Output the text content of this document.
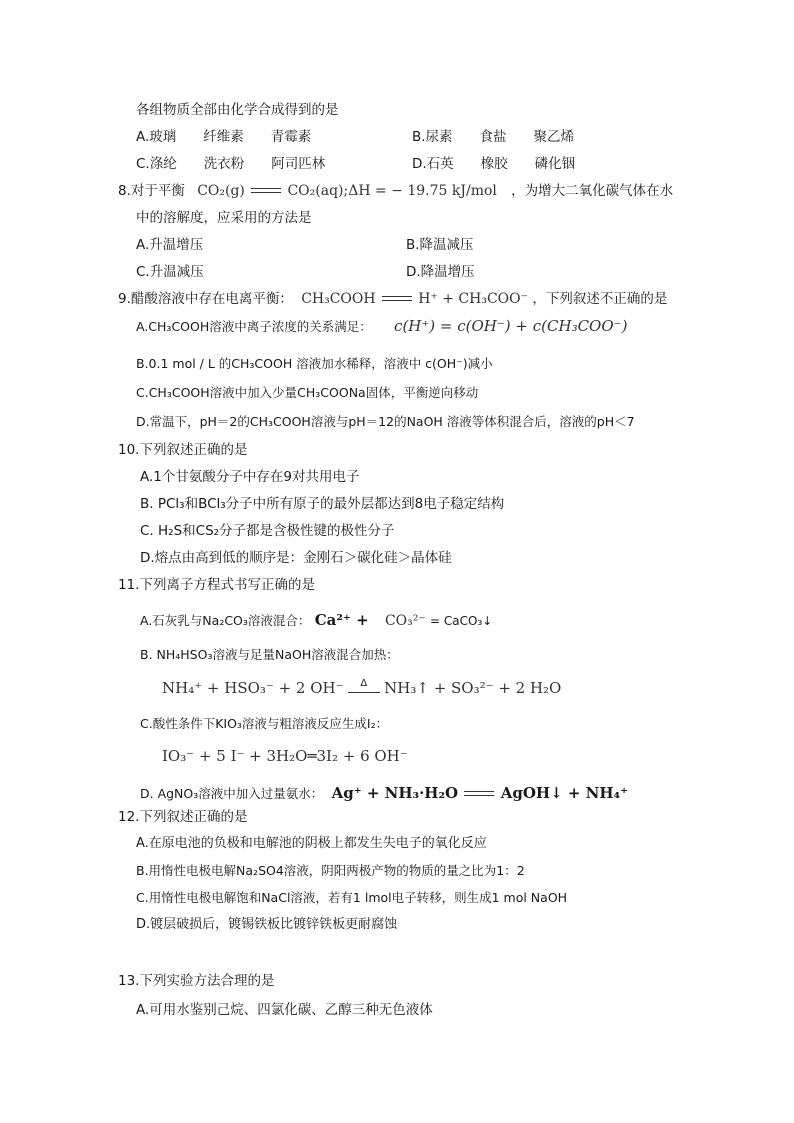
各组物质全部由化学合成得到的是
A.玻璃　　纤维素　　青霉素	B.尿素　　食盐　　聚乙烯
C.涤纶　　洗衣粉　　阿司匹林	D.石英　　橡胶　　磷化铟
8.对于平衡 CO₂(g)	CO₂(aq);ΔH = − 19.75 kJ/mol ，为增大二氧化碳气体在水
中的溶解度，应采用的方法是
A.升温增压	B.降温减压
C.升温减压	D.降温增压
9.醋酸溶液中存在电离平衡： CH₃COOH	H⁺ + CH₃COO⁻ ，下列叙述不正确的是
A.CH₃COOH溶液中离子浓度的关系满足： c(H⁺) = c(OH⁻) + c(CH₃COO⁻)
B.0.1 mol / L 的CH₃COOH 溶液加水稀释，溶液中 c(OH⁻)减小
C.CH₃COOH溶液中加入少量CH₃COONa固体，平衡逆向移动
D.常温下，pH＝2的CH₃COOH溶液与pH＝12的NaOH 溶液等体积混合后，溶液的pH＜7
10.下列叙述正确的是
A.1个甘氨酸分子中存在9对共用电子
B. PCl₃和BCl₃分子中所有原子的最外层都达到8电子稳定结构
C. H₂S和CS₂分子都是含极性键的极性分子
D.熔点由高到低的顺序是：金刚石＞碳化硅＞晶体硅
11.下列离子方程式书写正确的是
A.石灰乳与Na₂CO₃溶液混合： Ca²⁺ + CO₃²⁻ = CaCO₃↓
B. NH₄HSO₃溶液与足量NaOH溶液混合加热：
NH₄⁺ + HSO₃⁻ + 2 OH⁻	Δ	NH₃↑ + SO₃²⁻ + 2 H₂O
C.酸性条件下KIO₃溶液与粗溶液反应生成I₂：
IO₃⁻ + 5 I⁻ + 3H₂O═3I₂ + 6 OH⁻
D. AgNO₃溶液中加入过量氨水： Ag⁺ + NH₃·H₂O	AgOH↓ + NH₄⁺
12.下列叙述正确的是
A.在原电池的负极和电解池的阴极上都发生失电子的氧化反应
B.用惰性电极电解Na₂SO4溶液，阴阳两极产物的物质的量之比为1：2
C.用惰性电极电解饱和NaCl溶液，若有1 lmol电子转移，则生成1 mol NaOH
D.镀层破损后，镀锡铁板比镀锌铁板更耐腐蚀
13.下列实验方法合理的是
A.可用水鉴别己烷、四氯化碳、乙醇三种无色液体
